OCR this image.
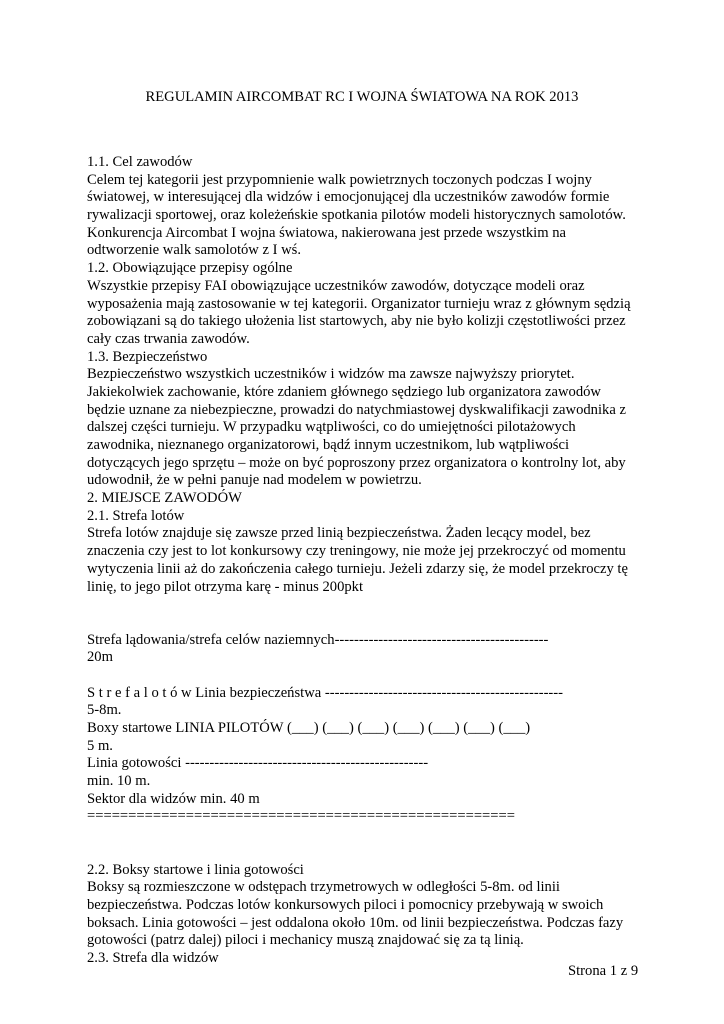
REGULAMIN AIRCOMBAT RC I WOJNA ŚWIATOWA NA ROK 2013
1.1. Cel zawodów
Celem tej kategorii jest przypomnienie walk powietrznych toczonych podczas I wojny
światowej, w interesującej dla widzów i emocjonującej dla uczestników zawodów formie
rywalizacji sportowej, oraz koleżeńskie spotkania pilotów modeli historycznych samolotów.
Konkurencja Aircombat I wojna światowa, nakierowana jest przede wszystkim na
odtworzenie walk samolotów z I wś.
1.2. Obowiązujące przepisy ogólne
Wszystkie przepisy FAI obowiązujące uczestników zawodów, dotyczące modeli oraz
wyposażenia mają zastosowanie w tej kategorii. Organizator turnieju wraz z głównym sędzią
zobowiązani są do takiego ułożenia list startowych, aby nie było kolizji częstotliwości przez
cały czas trwania zawodów.
1.3. Bezpieczeństwo
Bezpieczeństwo wszystkich uczestników i widzów ma zawsze najwyższy priorytet.
Jakiekolwiek zachowanie, które zdaniem głównego sędziego lub organizatora zawodów
będzie uznane za niebezpieczne, prowadzi do natychmiastowej dyskwalifikacji zawodnika z
dalszej części turnieju. W przypadku wątpliwości, co do umiejętności pilotażowych
zawodnika, nieznanego organizatorowi, bądź innym uczestnikom, lub wątpliwości
dotyczących jego sprzętu – może on być poproszony przez organizatora o kontrolny lot, aby
udowodnił, że w pełni panuje nad modelem w powietrzu.
2. MIEJSCE ZAWODÓW
2.1. Strefa lotów
Strefa lotów znajduje się zawsze przed linią bezpieczeństwa. Żaden lecący model, bez
znaczenia czy jest to lot konkursowy czy treningowy, nie może jej przekroczyć od momentu
wytyczenia linii aż do zakończenia całego turnieju. Jeżeli zdarzy się, że model przekroczy tę
linię, to jego pilot otrzyma karę - minus 200pkt
Strefa lądowania/strefa celów naziemnych--------------------------------------------
20m
S t r e f a l o t ó w Linia bezpieczeństwa -------------------------------------------------
5-8m.
Boxy startowe LINIA PILOTÓW (___) (___) (___) (___) (___) (___) (___)
5 m.
Linia gotowości --------------------------------------------------
min. 10 m.
Sektor dla widzów min. 40 m
====================================================
2.2. Boksy startowe i linia gotowości
Boksy są rozmieszczone w odstępach trzymetrowych w odległości 5-8m. od linii
bezpieczeństwa. Podczas lotów konkursowych piloci i pomocnicy przebywają w swoich
boksach. Linia gotowości – jest oddalona około 10m. od linii bezpieczeństwa. Podczas fazy
gotowości (patrz dalej) piloci i mechanicy muszą znajdować się za tą linią.
2.3. Strefa dla widzów
Strona 1 z 9
